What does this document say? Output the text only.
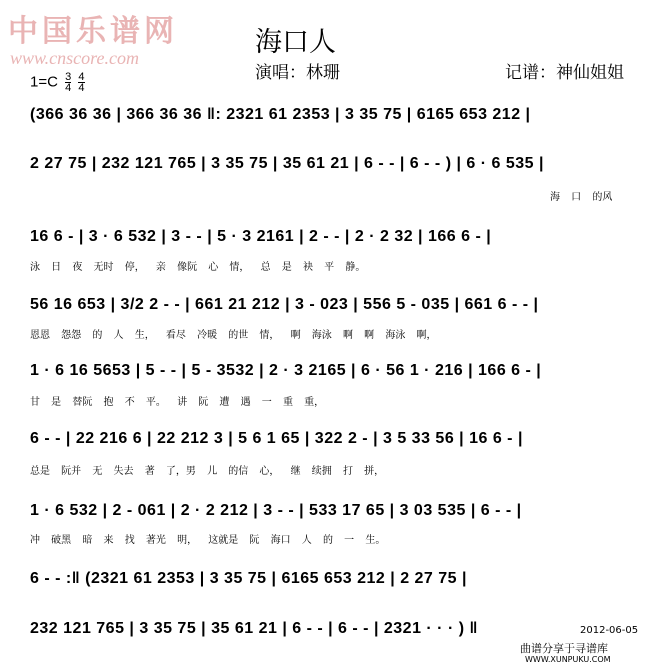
中国乐谱网
www.cnscore.com	海口人
演唱：林珊	记谱：神仙姐姐
$1=C \frac{3}{4}$
$\frac{4}{4}$
(366 36 36 | 366 36 36 ‖: 2321 61 2353 | 3 35 75 | 6165 653 212 |
2 27 75 | 232 121 765 | 3 35 75 | 35 61 21 | 6 - - | 6 - - ) | 6 · 6 535 |
海 口 的风
16 6 - | 3 · 6 532 | 3 - - | 5 · 3 2161 | 2 - - | 2 · 2 32 | 166 6 - |
泳 日 夜 无时 停， 亲 像阮 心 情， 总 是 袂 平 静。
56 16 653 | 3/2 2 - - | 661 21 212 | 3 - 023 | 556 5 - 035 | 661 6 - - |
恩恩 怨怨 的 人 生， 看尽 冷暖 的世 情， 啊 海泳 啊 啊 海泳 啊，
1 · 6 16 5653 | 5 - - | 5 - 3532 | 2 · 3 2165 | 6 · 56 1 · 216 | 166 6 - |
甘 是 替阮 抱 不 平。 讲 阮 遭 遇 一 重 重，
6 - - | 22 216 6 | 22 212 3 | 5 6 1 65 | 322 2 - | 3 5 33 56 | 16 6 - |
总是 阮并 无 失去 著 了，男 儿 的信 心， 继 续拥 打 拼，
1 · 6 532 | 2 - 061 | 2 · 2 212 | 3 - - | 533 17 65 | 3 03 535 | 6 - - |
冲 破黑 暗 来 找 著光 明， 这就是 阮 海口 人 的 一 生。
6 - - :‖ (2321 61 2353 | 3 35 75 | 6165 653 212 | 2 27 75 |
232 121 765 | 3 35 75 | 35 61 21 | 6 - - | 6 - - | 2321 · · · ) ‖	2012-06-05
曲谱分享于寻谱库
WWW.XUNPUKU.COM
